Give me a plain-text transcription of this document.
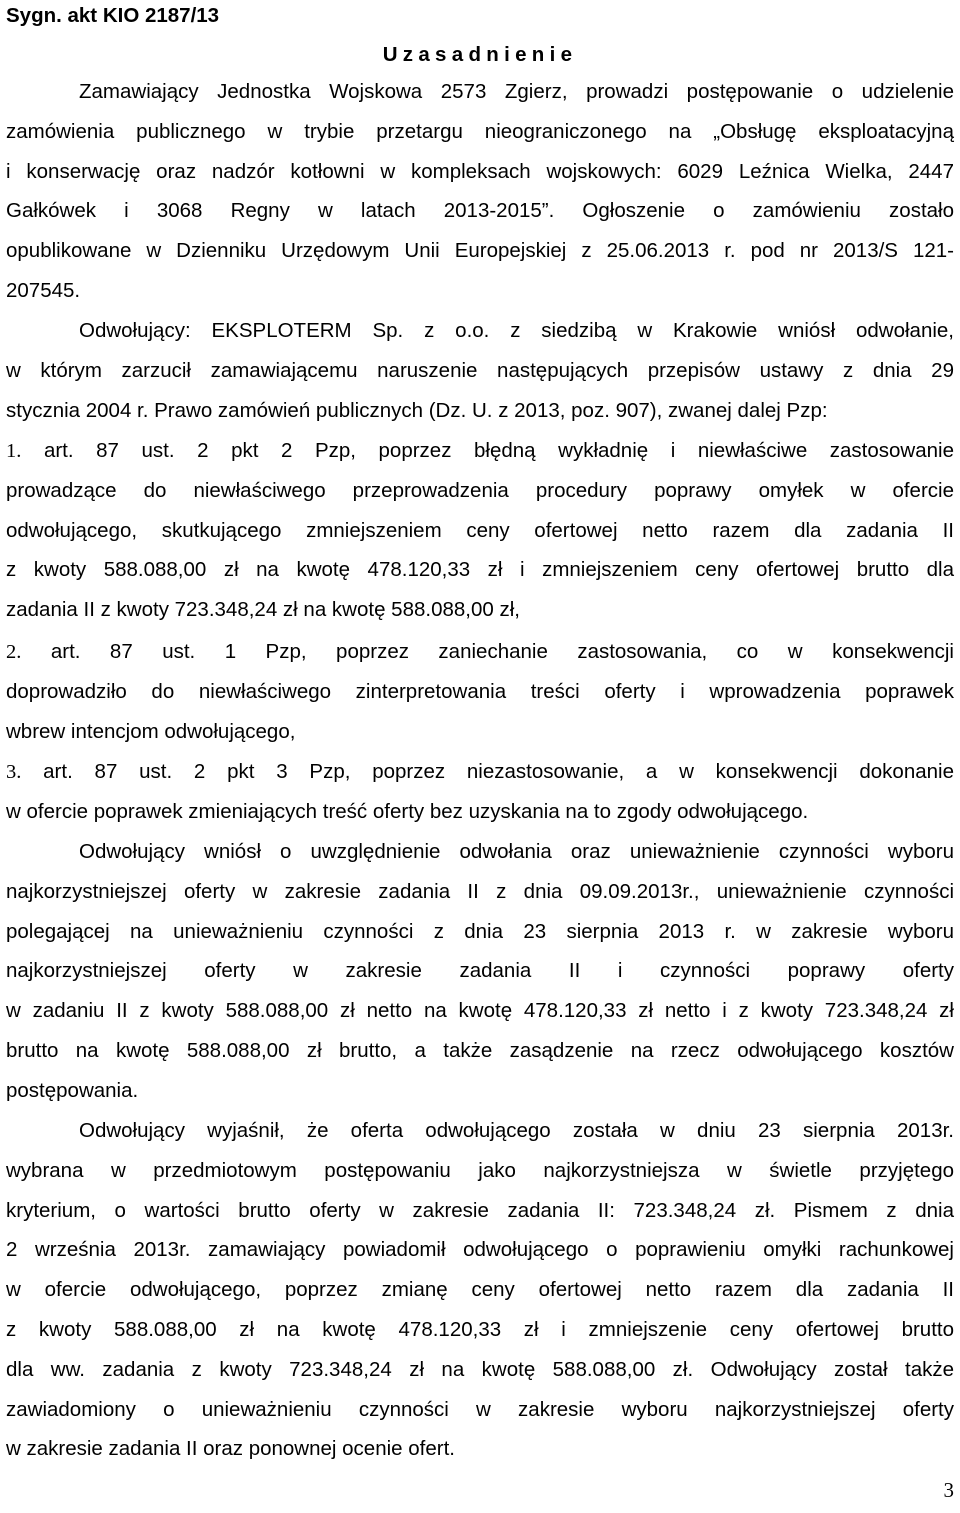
Sygn. akt KIO 2187/13
Uzasadnienie
Zamawiający Jednostka Wojskowa 2573 Zgierz, prowadzi postępowanie o udzielenie
zamówienia publicznego w trybie przetargu nieograniczonego na „Obsługę eksploatacyjną
i konserwację oraz nadzór kotłowni w kompleksach wojskowych: 6029 Leźnica Wielka, 2447
Gałkówek i 3068 Regny w latach 2013-2015”. Ogłoszenie o zamówieniu zostało
opublikowane w Dzienniku Urzędowym Unii Europejskiej z 25.06.2013 r. pod nr 2013/S 121-
207545.
Odwołujący: EKSPLOTERM Sp. z o.o. z siedzibą w Krakowie wniósł odwołanie,
w którym zarzucił zamawiającemu naruszenie następujących przepisów ustawy z dnia 29
stycznia 2004 r. Prawo zamówień publicznych (Dz. U. z 2013, poz. 907), zwanej dalej Pzp:
1. art. 87 ust. 2 pkt 2 Pzp, poprzez błędną wykładnię i niewłaściwe zastosowanie
prowadzące do niewłaściwego przeprowadzenia procedury poprawy omyłek w ofercie
odwołującego, skutkującego zmniejszeniem ceny ofertowej netto razem dla zadania II
z kwoty 588.088,00 zł na kwotę 478.120,33 zł i zmniejszeniem ceny ofertowej brutto dla
zadania II z kwoty 723.348,24 zł na kwotę 588.088,00 zł,
2. art. 87 ust. 1 Pzp, poprzez zaniechanie zastosowania, co w konsekwencji
doprowadziło do niewłaściwego zinterpretowania treści oferty i wprowadzenia poprawek
wbrew intencjom odwołującego,
3. art. 87 ust. 2 pkt 3 Pzp, poprzez niezastosowanie, a w konsekwencji dokonanie
w ofercie poprawek zmieniających treść oferty bez uzyskania na to zgody odwołującego.
Odwołujący wniósł o uwzględnienie odwołania oraz unieważnienie czynności wyboru
najkorzystniejszej oferty w zakresie zadania II z dnia 09.09.2013r., unieważnienie czynności
polegającej na unieważnieniu czynności z dnia 23 sierpnia 2013 r. w zakresie wyboru
najkorzystniejszej oferty w zakresie zadania II i czynności poprawy oferty
w zadaniu II z kwoty 588.088,00 zł netto na kwotę 478.120,33 zł netto i z kwoty 723.348,24 zł
brutto na kwotę 588.088,00 zł brutto, a także zasądzenie na rzecz odwołującego kosztów
postępowania.
Odwołujący wyjaśnił, że oferta odwołującego została w dniu 23 sierpnia 2013r.
wybrana w przedmiotowym postępowaniu jako najkorzystniejsza w świetle przyjętego
kryterium, o wartości brutto oferty w zakresie zadania II: 723.348,24 zł. Pismem z dnia
2 września 2013r. zamawiający powiadomił odwołującego o poprawieniu omyłki rachunkowej
w ofercie odwołującego, poprzez zmianę ceny ofertowej netto razem dla zadania II
z kwoty 588.088,00 zł na kwotę 478.120,33 zł i zmniejszenie ceny ofertowej brutto
dla ww. zadania z kwoty 723.348,24 zł na kwotę 588.088,00 zł. Odwołujący został także
zawiadomiony o unieważnieniu czynności w zakresie wyboru najkorzystniejszej oferty
w zakresie zadania II oraz ponownej ocenie ofert.
3
